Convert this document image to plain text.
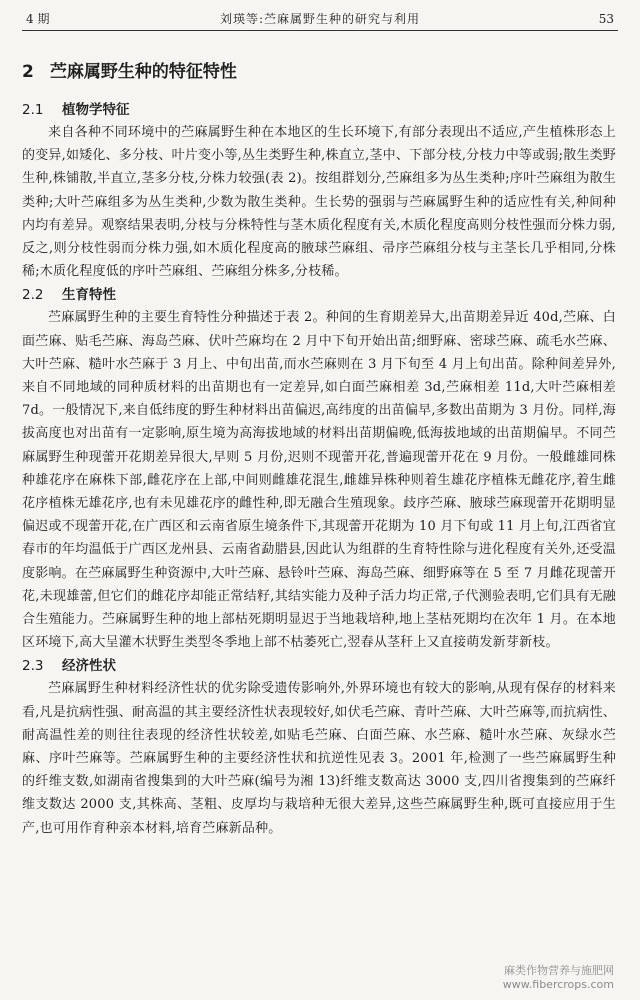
4 期	刘瑛等:苎麻属野生种的研究与利用	53
2 苎麻属野生种的特征特性
2.1 植物学特征

来自各种不同环境中的苎麻属野生种在本地区的生长环境下,有部分表现出不适应,产生植株形态上的变异,如矮化、多分枝、叶片变小等,丛生类野生种,株直立,茎中、下部分枝,分枝力中等或弱;散生类野生种,株铺散,半直立,茎多分枝,分株力较强(表 2)。按组群划分,苎麻组多为丛生类种;序叶苎麻组为散生类种;大叶苎麻组多为丛生类种,少数为散生类种。生长势的强弱与苎麻属野生种的适应性有关,种间种内均有差异。观察结果表明,分枝与分株特性与茎木质化程度有关,木质化程度高则分枝性强而分株力弱,反之,则分枝性弱而分株力强,如木质化程度高的腋球苎麻组、帚序苎麻组分枝与主茎长几乎相同,分株稀;木质化程度低的序叶苎麻组、苎麻组分株多,分枝稀。

2.2 生育特性

苎麻属野生种的主要生育特性分种描述于表 2。种间的生育期差异大,出苗期差异近 40d,苎麻、白面苎麻、贴毛苎麻、海岛苎麻、伏叶苎麻均在 2 月中下旬开始出苗;细野麻、密球苎麻、疏毛水苎麻、大叶苎麻、糙叶水苎麻于 3 月上、中旬出苗,而水苎麻则在 3 月下旬至 4 月上旬出苗。除种间差异外,来自不同地域的同种质材料的出苗期也有一定差异,如白面苎麻相差 3d,苎麻相差 11d,大叶苎麻相差 7d。一般情况下,来自低纬度的野生种材料出苗偏迟,高纬度的出苗偏早,多数出苗期为 3 月份。同样,海拔高度也对出苗有一定影响,原生境为高海拔地域的材料出苗期偏晚,低海拔地域的出苗期偏早。不同苎麻属野生种现蕾开花期差异很大,早则 5 月份,迟则不现蕾开花,普遍现蕾开花在 9 月份。一般雌雄同株种雄花序在麻株下部,雌花序在上部,中间则雌雄花混生,雌雄异株种则着生雄花序植株无雌花序,着生雌花序植株无雄花序,也有未见雄花序的雌性种,即无融合生殖现象。歧序苎麻、腋球苎麻现蕾开花期明显偏迟或不现蕾开花,在广西区和云南省原生境条件下,其现蕾开花期为 10 月下旬或 11 月上旬,江西省宜春市的年均温低于广西区龙州县、云南省勐腊县,因此认为组群的生育特性除与进化程度有关外,还受温度影响。在苎麻属野生种资源中,大叶苎麻、悬铃叶苎麻、海岛苎麻、细野麻等在 5 至 7 月雌花现蕾开花,未现雄蕾,但它们的雌花序却能正常结籽,其结实能力及种子活力均正常,子代测验表明,它们具有无融合生殖能力。苎麻属野生种的地上部枯死期明显迟于当地栽培种,地上茎枯死期均在次年 1 月。在本地区环境下,高大呈灌木状野生类型冬季地上部不枯萎死亡,翌春从茎秆上又直接萌发新芽新枝。

2.3 经济性状

苎麻属野生种材料经济性状的优劣除受遗传影响外,外界环境也有较大的影响,从现有保存的材料来看,凡是抗病性强、耐高温的其主要经济性状表现较好,如伏毛苎麻、青叶苎麻、大叶苎麻等,而抗病性、耐高温性差的则往往表现的经济性状较差,如贴毛苎麻、白面苎麻、水苎麻、糙叶水苎麻、灰绿水苎麻、序叶苎麻等。苎麻属野生种的主要经济性状和抗逆性见表 3。2001 年,检测了一些苎麻属野生种的纤维支数,如湖南省搜集到的大叶苎麻(编号为湘 13)纤维支数高达 3000 支,四川省搜集到的苎麻纤维支数达 2000 支,其株高、茎粗、皮厚均与栽培种无很大差异,这些苎麻属野生种,既可直接应用于生产,也可用作育种亲本材料,培育苎麻新品种。

麻类作物营养与施肥网
www.fibercrops.com
